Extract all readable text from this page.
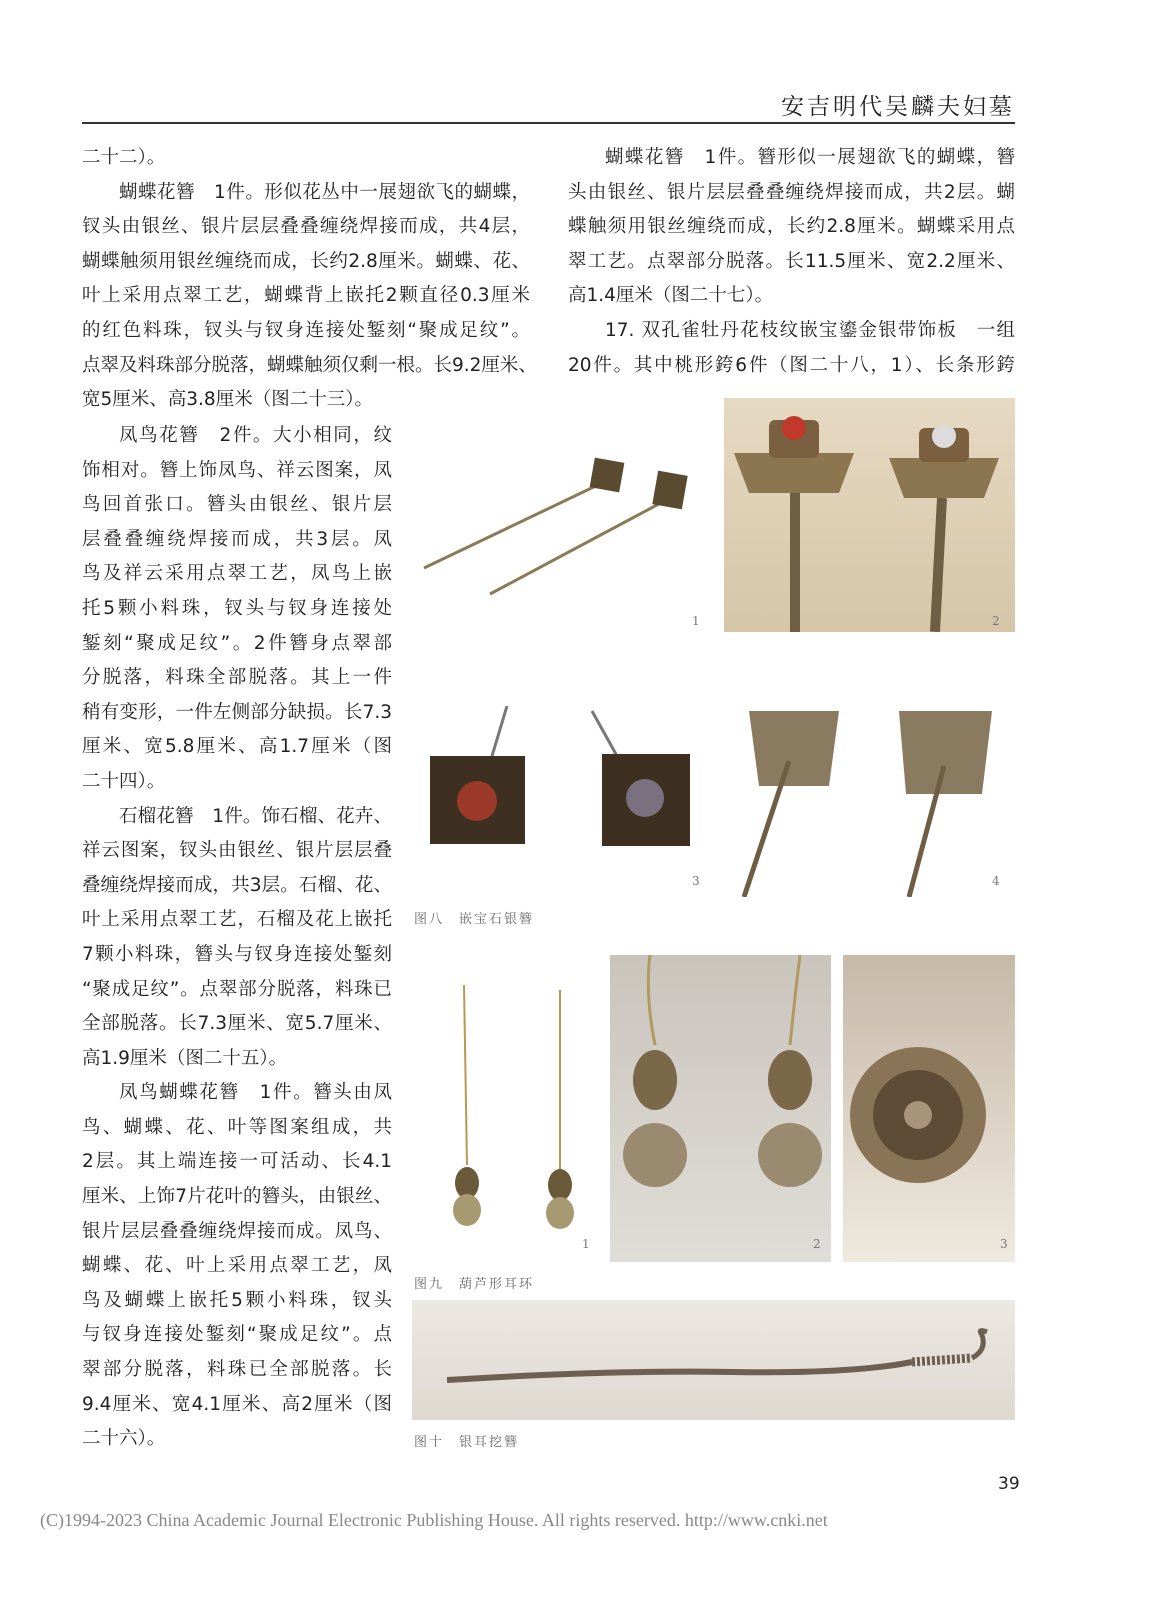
安吉明代吴麟夫妇墓
二十二）。
蝴蝶花簪　1件。形似花丛中一展翅欲飞的蝴蝶，
钗头由银丝、银片层层叠叠缠绕焊接而成，共4层，
蝴蝶触须用银丝缠绕而成，长约2.8厘米。蝴蝶、花、
叶上采用点翠工艺，蝴蝶背上嵌托2颗直径0.3厘米
的红色料珠，钗头与钗身连接处錾刻“聚成足纹”。
点翠及料珠部分脱落，蝴蝶触须仅剩一根。长9.2厘米、
宽5厘米、高3.8厘米（图二十三）。
蝴蝶花簪　1件。簪形似一展翅欲飞的蝴蝶，簪
头由银丝、银片层层叠叠缠绕焊接而成，共2层。蝴
蝶触须用银丝缠绕而成，长约2.8厘米。蝴蝶采用点
翠工艺。点翠部分脱落。长11.5厘米、宽2.2厘米、
高1.4厘米（图二十七）。
17. 双孔雀牡丹花枝纹嵌宝鎏金银带饰板　一组
20件。其中桃形銙6件（图二十八，1）、长条形銙
凤鸟花簪　2件。大小相同，纹
饰相对。簪上饰凤鸟、祥云图案，凤
鸟回首张口。簪头由银丝、银片层
层叠叠缠绕焊接而成，共3层。凤
鸟及祥云采用点翠工艺，凤鸟上嵌
托5颗小料珠，钗头与钗身连接处
錾刻“聚成足纹”。2件簪身点翠部
分脱落，料珠全部脱落。其上一件
稍有变形，一件左侧部分缺损。长7.3
厘米、宽5.8厘米、高1.7厘米（图
二十四）。
石榴花簪　1件。饰石榴、花卉、
祥云图案，钗头由银丝、银片层层叠
叠缠绕焊接而成，共3层。石榴、花、
叶上采用点翠工艺，石榴及花上嵌托
7颗小料珠，簪头与钗身连接处錾刻
“聚成足纹”。点翠部分脱落，料珠已
全部脱落。长7.3厘米、宽5.7厘米、
高1.9厘米（图二十五）。
凤鸟蝴蝶花簪　1件。簪头由凤
鸟、蝴蝶、花、叶等图案组成，共
2层。其上端连接一可活动、长4.1
厘米、上饰7片花叶的簪头，由银丝、
银片层层叠叠缠绕焊接而成。凤鸟、
蝴蝶、花、叶上采用点翠工艺，凤
鸟及蝴蝶上嵌托5颗小料珠，钗头
与钗身连接处錾刻“聚成足纹”。点
翠部分脱落，料珠已全部脱落。长
9.4厘米、宽4.1厘米、高2厘米（图
二十六）。
1	2
3	4
图八　嵌宝石银簪
1	2	3
图九　葫芦形耳环
图十　银耳挖簪
39
(C)1994-2023 China Academic Journal Electronic Publishing House. All rights reserved. http://www.cnki.net
